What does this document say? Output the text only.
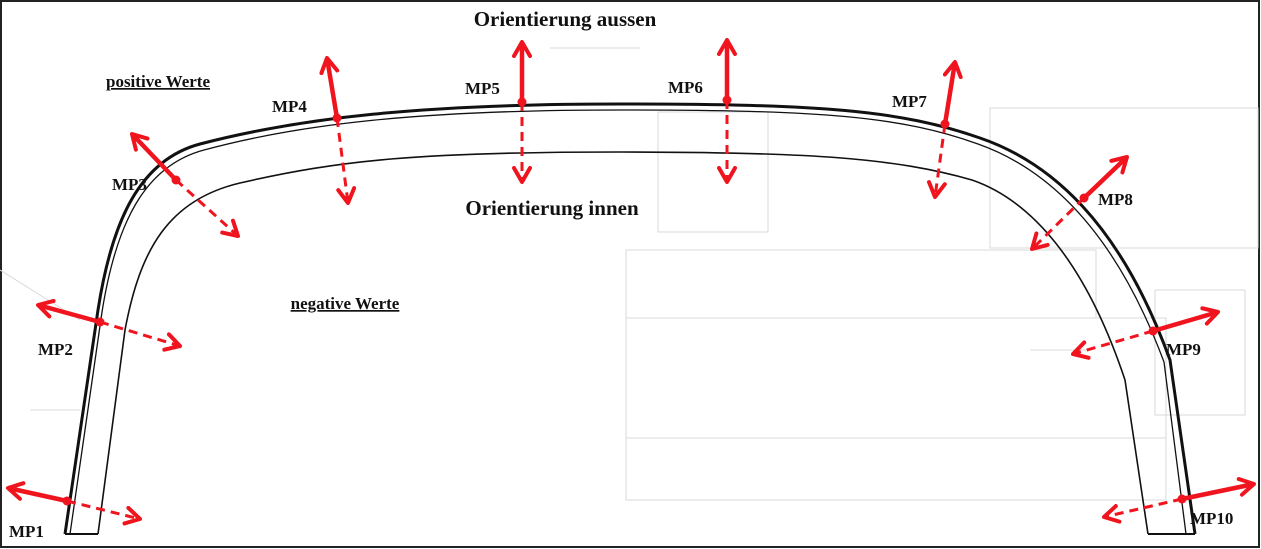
Orientierung aussen
Orientierung innen
positive Werte
negative Werte
MP1
MP2
MP3
MP4
MP5	MP6
MP7
MP8
MP9
MP10
